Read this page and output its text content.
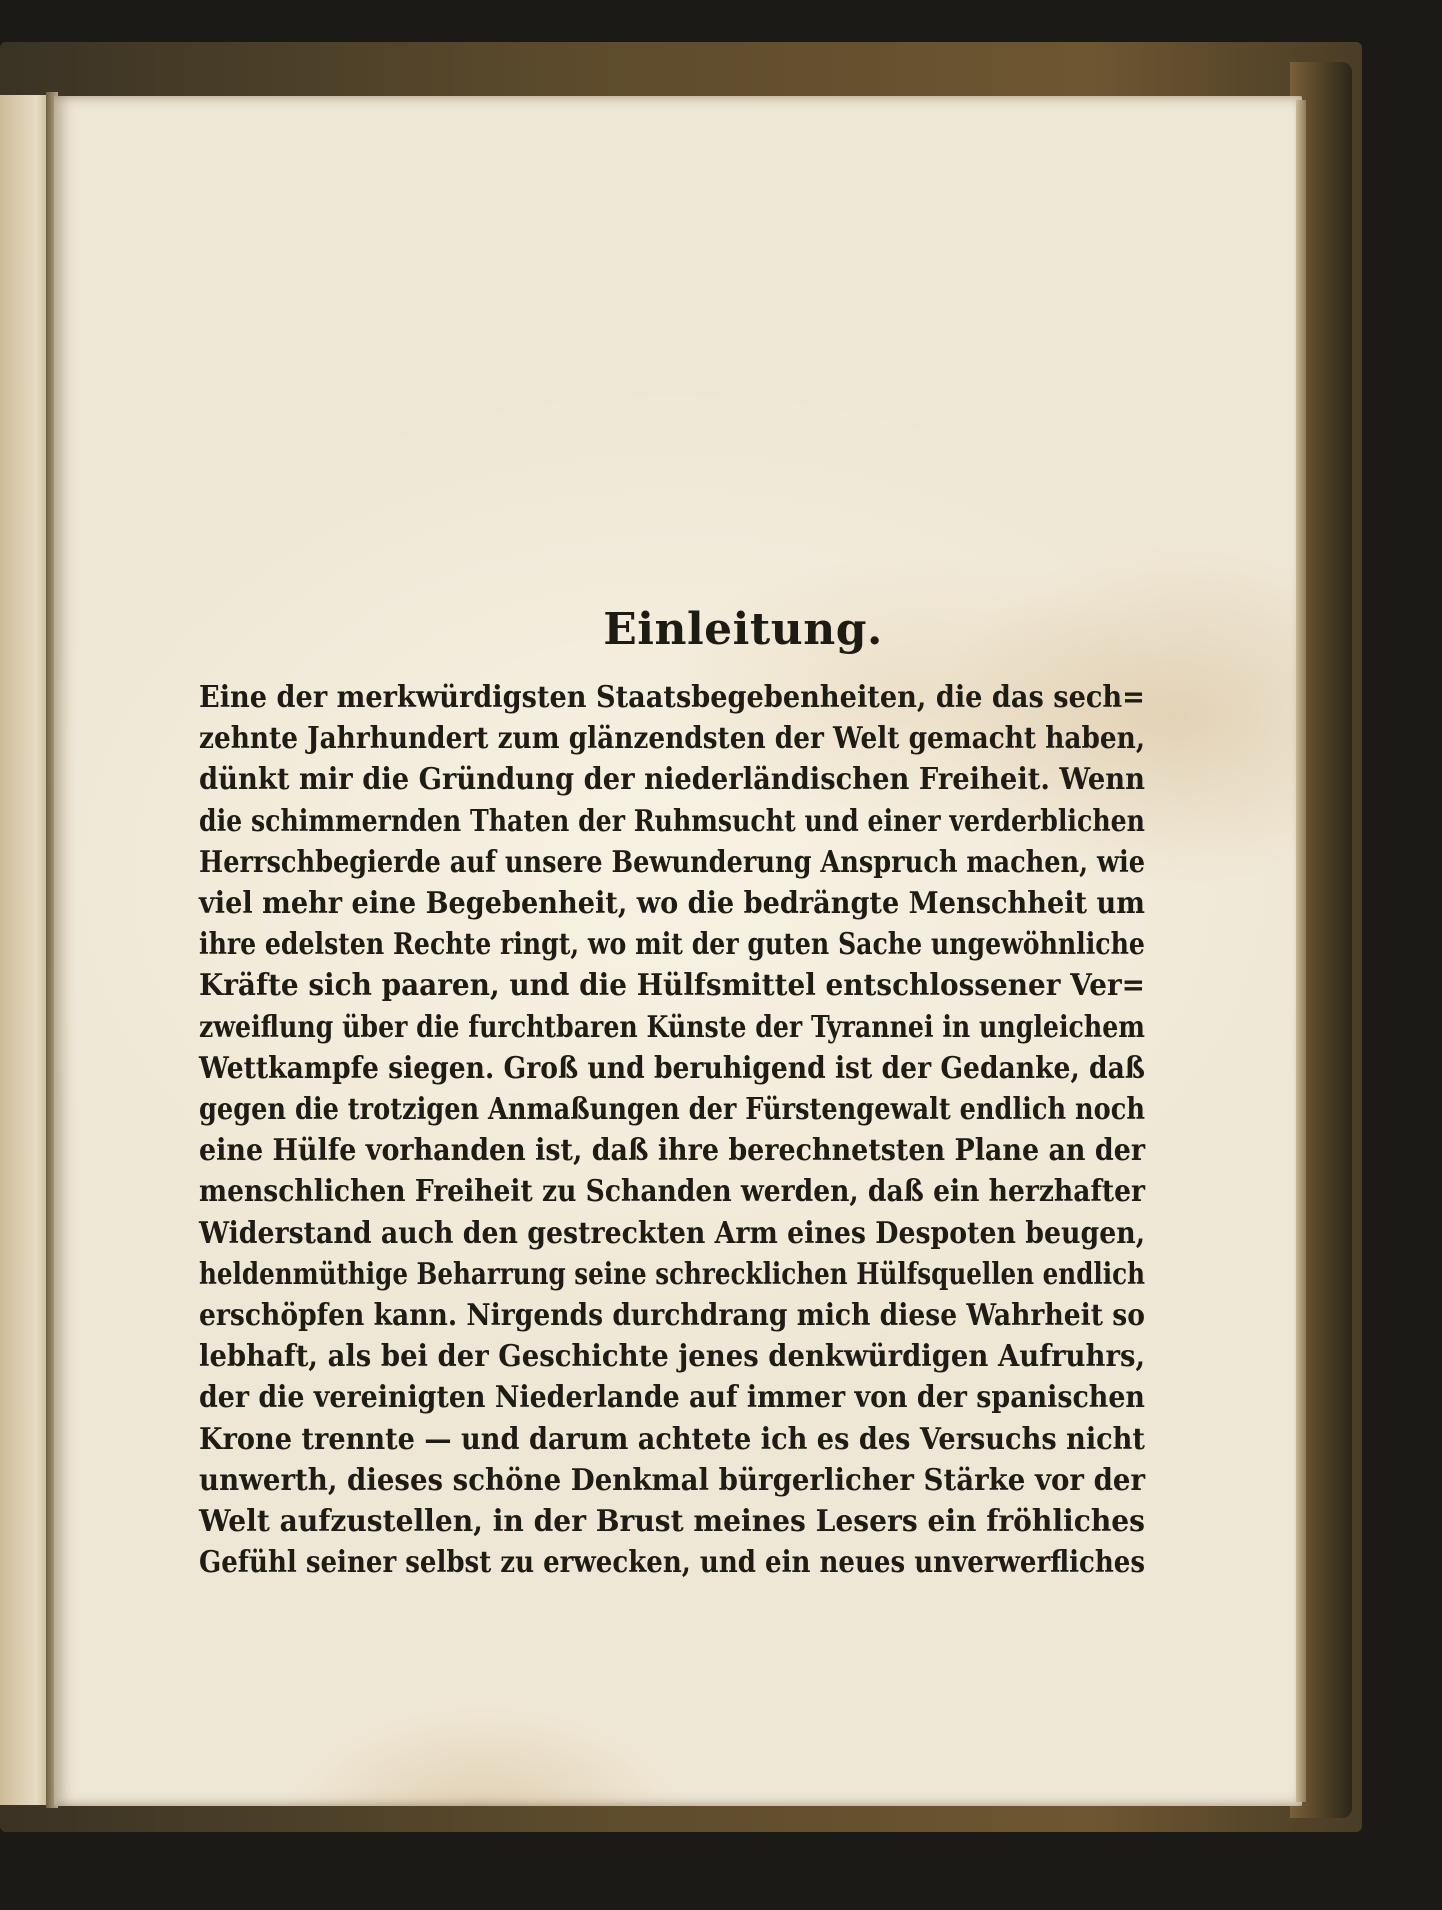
Einleitung.
Eine der merkwürdigsten Staatsbegebenheiten, die das sech=
zehnte Jahrhundert zum glänzendsten der Welt gemacht haben,
dünkt mir die Gründung der niederländischen Freiheit. Wenn
die schimmernden Thaten der Ruhmsucht und einer verderblichen
Herrschbegierde auf unsere Bewunderung Anspruch machen, wie
viel mehr eine Begebenheit, wo die bedrängte Menschheit um
ihre edelsten Rechte ringt, wo mit der guten Sache ungewöhnliche
Kräfte sich paaren, und die Hülfsmittel entschlossener Ver=
zweiflung über die furchtbaren Künste der Tyrannei in ungleichem
Wettkampfe siegen. Groß und beruhigend ist der Gedanke, daß
gegen die trotzigen Anmaßungen der Fürstengewalt endlich noch
eine Hülfe vorhanden ist, daß ihre berechnetsten Plane an der
menschlichen Freiheit zu Schanden werden, daß ein herzhafter
Widerstand auch den gestreckten Arm eines Despoten beugen,
heldenmüthige Beharrung seine schrecklichen Hülfsquellen endlich
erschöpfen kann. Nirgends durchdrang mich diese Wahrheit so
lebhaft, als bei der Geschichte jenes denkwürdigen Aufruhrs,
der die vereinigten Niederlande auf immer von der spanischen
Krone trennte — und darum achtete ich es des Versuchs nicht
unwerth, dieses schöne Denkmal bürgerlicher Stärke vor der
Welt aufzustellen, in der Brust meines Lesers ein fröhliches
Gefühl seiner selbst zu erwecken, und ein neues unverwerfliches
